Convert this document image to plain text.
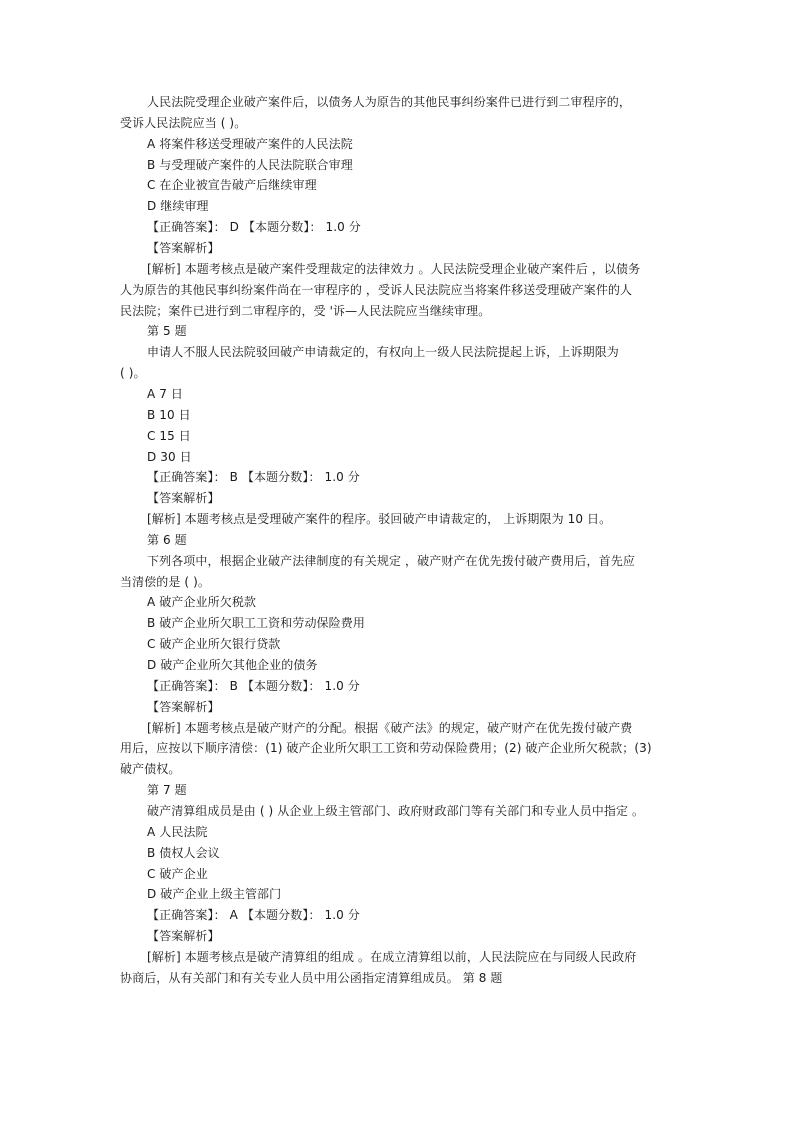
人民法院受理企业破产案件后，以债务人为原告的其他民事纠纷案件已进行到二审程序的，
受诉人民法院应当 ( )。
A 将案件移送受理破产案件的人民法院
B 与受理破产案件的人民法院联合审理
C 在企业被宣告破产后继续审理
D 继续审理
【正确答案】： D 【本题分数】： 1.0 分
【答案解析】
[解析] 本题考核点是破产案件受理裁定的法律效力 。人民法院受理企业破产案件后 ，以债务
人为原告的其他民事纠纷案件尚在一审程序的 ，受诉人民法院应当将案件移送受理破产案件的人
民法院；案件已进行到二审程序的，受 '诉—人民法院应当继续审理。
第 5 题
申请人不服人民法院驳回破产申请裁定的，有权向上一级人民法院提起上诉，上诉期限为
( )。
A 7 日
B 10 日
C 15 日
D 30 日
【正确答案】： B 【本题分数】： 1.0 分
【答案解析】
[解析] 本题考核点是受理破产案件的程序。驳回破产申请裁定的， 上诉期限为 10 日。
第 6 题
下列各项中，根据企业破产法律制度的有关规定 ，破产财产在优先拨付破产费用后，首先应
当清偿的是 ( )。
A 破产企业所欠税款
B 破产企业所欠职工工资和劳动保险费用
C 破产企业所欠银行贷款
D 破产企业所欠其他企业的债务
【正确答案】： B 【本题分数】： 1.0 分
【答案解析】
[解析] 本题考核点是破产财产的分配。根据《破产法》的规定，破产财产在优先拨付破产费
用后，应按以下顺序清偿：(1) 破产企业所欠职工工资和劳动保险费用；(2) 破产企业所欠税款；(3)
破产债权。
第 7 题
破产清算组成员是由 ( ) 从企业上级主管部门、政府财政部门等有关部门和专业人员中指定 。
A 人民法院
B 债权人会议
C 破产企业
D 破产企业上级主管部门
【正确答案】： A 【本题分数】： 1.0 分
【答案解析】
[解析] 本题考核点是破产清算组的组成 。在成立清算组以前，人民法院应在与同级人民政府
协商后，从有关部门和有关专业人员中用公函指定清算组成员。 第 8 题
